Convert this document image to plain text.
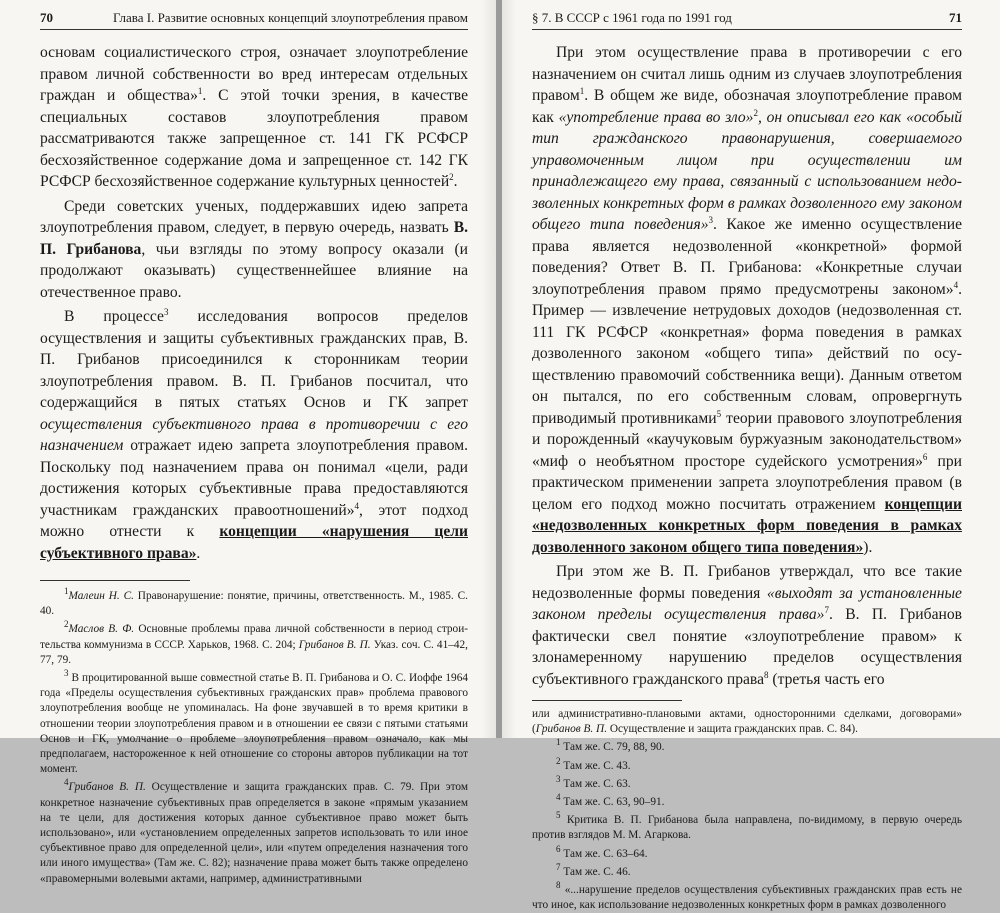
70	Глава I. Развитие основных концепций злоупотребления правом

основам социалистического строя, означает злоупотребление правом личной собственности во вред интересам отдельных граждан и общества»$^1$. С этой точки зрения, в качестве специальных составов злоупотребления правом рассматриваются также запрещенное ст. 141 ГК РСФСР бесхозяйственное содержание дома и запрещенное ст. 142 ГК РСФСР бесхозяйственное содержание культурных ценностей$^2$.

Среди советских ученых, поддержавших идею запрета злоупотребления правом, следует, в первую очередь, назвать В. П. Грибанова, чьи взгляды по этому вопросу оказали (и продолжают оказывать) существеннейшее влияние на отечественное право.

В процессе$^3$ исследования вопросов пределов осуществления и защиты субъективных гражданских прав, В. П. Грибанов присоединился к сторонникам теории злоупотребления правом. В. П. Грибанов посчитал, что содержащийся в пятых статьях Основ и ГК запрет осуществления субъективного права в противоречии с его назначением отражает идею запрета злоупотребления правом. Поскольку под назначением права он понимал «цели, ради достижения которых субъективные права предоставляются участникам гражданских правоотношений»$^4$, этот подход можно отнести к концепции «нарушения цели субъективного права».

$^1$Малеин Н. С. Правонарушение: понятие, причины, ответственность. М., 1985. С. 40.

$^2$Маслов В. Ф. Основные проблемы права личной собственности в период строительства коммунизма в СССР. Харьков, 1968. С. 204; Грибанов В. П. Указ. соч. С. 41–42, 77, 79.

$^3$ В процитированной выше совместной статье В. П. Грибанова и О. С. Иоффе 1964 года «Пределы осуществления субъективных гражданских прав» проблема правового злоупотребления вообще не упоминалась. На фоне звучавшей в то время критики в отношении теории злоупотребления правом и в отношении ее связи с пятыми статьями Основ и ГК, умолчание о проблеме злоупотребления правом означало, как мы предполагаем, настороженное к ней отношение со стороны авторов публикации на тот момент.

$^4$Грибанов В. П. Осуществление и защита гражданских прав. С. 79. При этом конкретное назначение субъективных прав определяется в законе «прямым указанием на те цели, для достижения которых данное субъективное право может быть использовано», или «установлением определенных запретов использовать то или иное субъективное право для определенной цели», или «путем определения назначения того или иного имущества» (Там же. С. 82); назначение права может быть также определено «правомерными волевыми актами, например, административными

§ 7. В СССР с 1961 года по 1991 год	71

При этом осуществление права в противоречии с его назначением он считал лишь одним из случаев злоупотребления правом$^1$. В общем же виде, обозначая злоупотребление правом как «употребление права во зло»$^2$, он описывал его как «особый тип гражданского правонарушения, совершаемого управомоченным лицом при осуществлении им принадлежащего ему права, связанный с использованием недозволенных конкретных форм в рамках дозволенного ему законом общего типа поведения»$^3$. Какое же именно осуществление права является недозволенной «конкретной» формой поведения? Ответ В. П. Грибанова: «Конкретные случаи злоупотребления правом прямо предусмотрены законом»$^4$. Пример — извлечение нетрудовых доходов (недозволенная ст. 111 ГК РСФСР «конкретная» форма поведения в рамках дозволенного законом «общего типа» действий по осуществлению правомочий собственника вещи). Данным ответом он пытался, по его собственным словам, опровергнуть приводимый противниками$^5$ теории правового злоупотребления и порожденный «каучуковым буржуазным законодательством» «миф о необъятном просторе судейского усмотрения»$^6$ при практическом применении запрета злоупотребления правом (в целом его подход можно посчитать отражением концепции «недозволенных конкретных форм поведения в рамках дозволенного законом общего типа поведения»).

При этом же В. П. Грибанов утверждал, что все такие недозволенные формы поведения «выходят за установленные законом пределы осуществления права»$^7$. В. П. Грибанов фактически свел понятие «злоупотребление правом» к злонамеренному нарушению пределов осуществления субъективного гражданского права$^8$ (третья часть его

или административно-плановыми актами, односторонними сделками, договорами» (Грибанов В. П. Осуществление и защита гражданских прав. С. 84).

$^1$ Там же. С. 79, 88, 90.

$^2$ Там же. С. 43.

$^3$ Там же. С. 63.

$^4$ Там же. С. 63, 90–91.

$^5$ Критика В. П. Грибанова была направлена, по-видимому, в первую очередь против взглядов М. М. Агаркова.

$^6$ Там же. С. 63–64.

$^7$ Там же. С. 46.

$^8$ «...нарушение пределов осуществления субъективных гражданских прав есть не что иное, как использование недозволенных конкретных форм в рамках дозволенного
